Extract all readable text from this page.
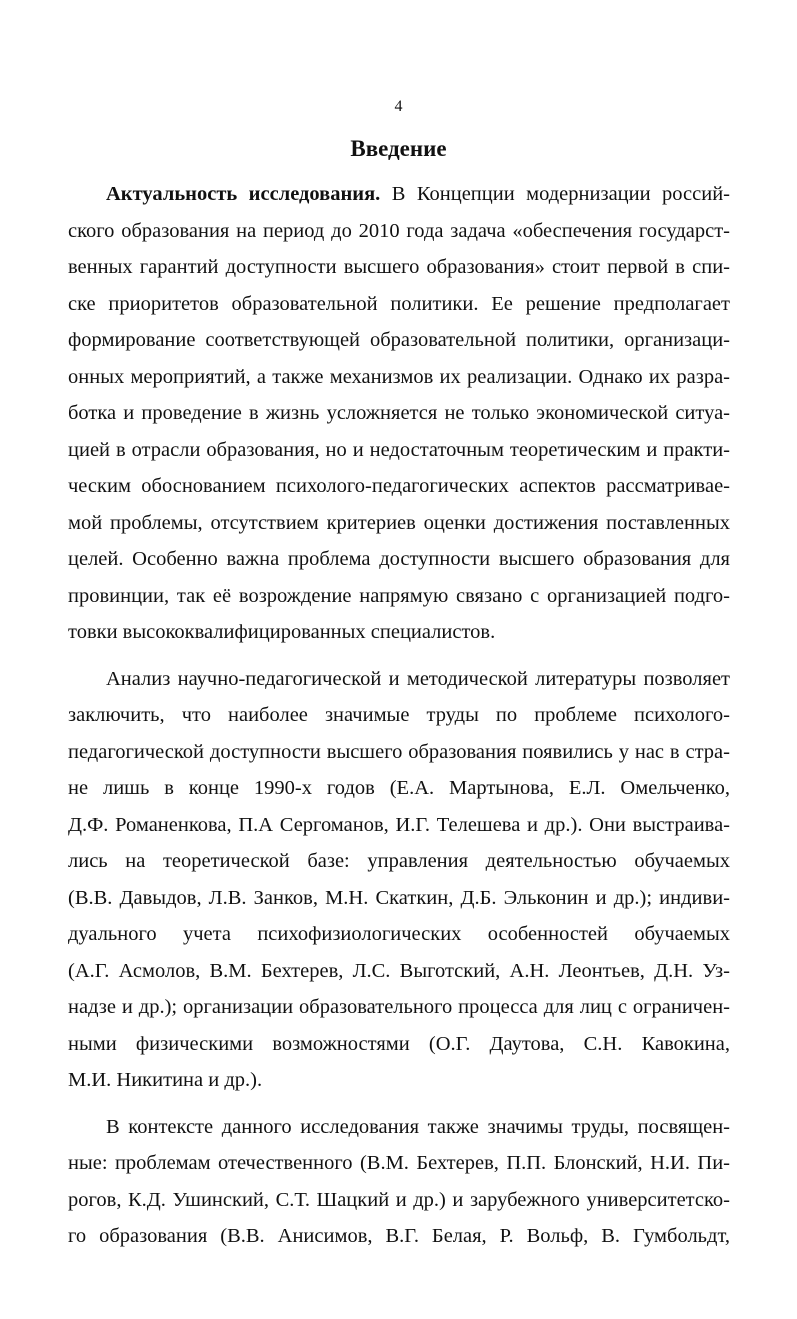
4
Введение
Актуальность исследования. В Концепции модернизации россий-
ского образования на период до 2010 года задача «обеспечения государст-
венных гарантий доступности высшего образования» стоит первой в спи-
ске приоритетов образовательной политики. Ее решение предполагает
формирование соответствующей образовательной политики, организаци-
онных мероприятий, а также механизмов их реализации. Однако их разра-
ботка и проведение в жизнь усложняется не только экономической ситуа-
цией в отрасли образования, но и недостаточным теоретическим и практи-
ческим обоснованием психолого-педагогических аспектов рассматривае-
мой проблемы, отсутствием критериев оценки достижения поставленных
целей. Особенно важна проблема доступности высшего образования для
провинции, так её возрождение напрямую связано с организацией подго-
товки высококвалифицированных специалистов.
Анализ научно-педагогической и методической литературы позволяет
заключить, что наиболее значимые труды по проблеме психолого-
педагогической доступности высшего образования появились у нас в стра-
не лишь в конце 1990-х годов (Е.А. Мартынова, Е.Л. Омельченко,
Д.Ф. Романенкова, П.А Сергоманов, И.Г. Телешева и др.). Они выстраива-
лись на теоретической базе: управления деятельностью обучаемых
(В.В. Давыдов, Л.В. Занков, М.Н. Скаткин, Д.Б. Эльконин и др.); индиви-
дуального учета психофизиологических особенностей обучаемых
(А.Г. Асмолов, В.М. Бехтерев, Л.С. Выготский, А.Н. Леонтьев, Д.Н. Уз-
надзе и др.); организации образовательного процесса для лиц с ограничен-
ными физическими возможностями (О.Г. Даутова, С.Н. Кавокина,
М.И. Никитина и др.).
В контексте данного исследования также значимы труды, посвящен-
ные: проблемам отечественного (В.М. Бехтерев, П.П. Блонский, Н.И. Пи-
рогов, К.Д. Ушинский, С.Т. Шацкий и др.) и зарубежного университетско-
го образования (В.В. Анисимов, В.Г. Белая, Р. Вольф, В. Гумбольдт,
